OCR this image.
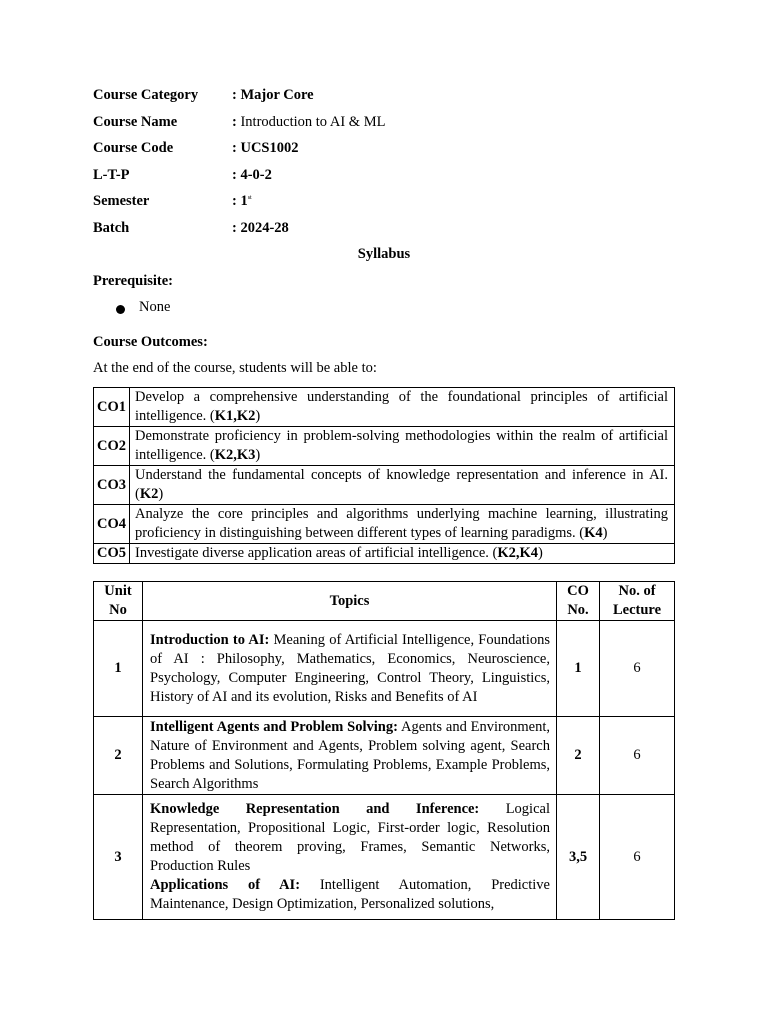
Course Category : Major Core
Course Name	: Introduction to AI & ML
Course Code	: UCS1002
L-T-P	: 4-0-2
Semester	: 1st
Batch	: 2024-28
Syllabus
Prerequisite:
None
Course Outcomes:
At the end of the course, students will be able to:
CO1	Develop a comprehensive understanding of the foundational principles of artificial intelligence. (K1,K2)
CO2	Demonstrate proficiency in problem-solving methodologies within the realm of artificial intelligence. (K2,K3)
CO3	Understand the fundamental concepts of knowledge representation and inference in AI. (K2)
CO4	Analyze the core principles and algorithms underlying machine learning, illustrating proficiency in distinguishing between different types of learning paradigms. (K4)
CO5	Investigate diverse application areas of artificial intelligence. (K2,K4)
Unit No	Topics	CO No.	No. of Lecture
1	Introduction to AI: Meaning of Artificial Intelligence, Foundations of AI : Philosophy, Mathematics, Economics, Neuroscience, Psychology, Computer Engineering, Control Theory, Linguistics, History of AI and its evolution, Risks and Benefits of AI	1	6
2	Intelligent Agents and Problem Solving: Agents and Environment, Nature of Environment and Agents, Problem solving agent, Search Problems and Solutions, Formulating Problems, Example Problems, Search Algorithms	2	6
3	Knowledge Representation and Inference: Logical Representation, Propositional Logic, First-order logic, Resolution method of theorem proving, Frames, Semantic Networks, Production Rules
Applications of AI: Intelligent Automation, Predictive Maintenance, Design Optimization, Personalized solutions,	3,5	6
